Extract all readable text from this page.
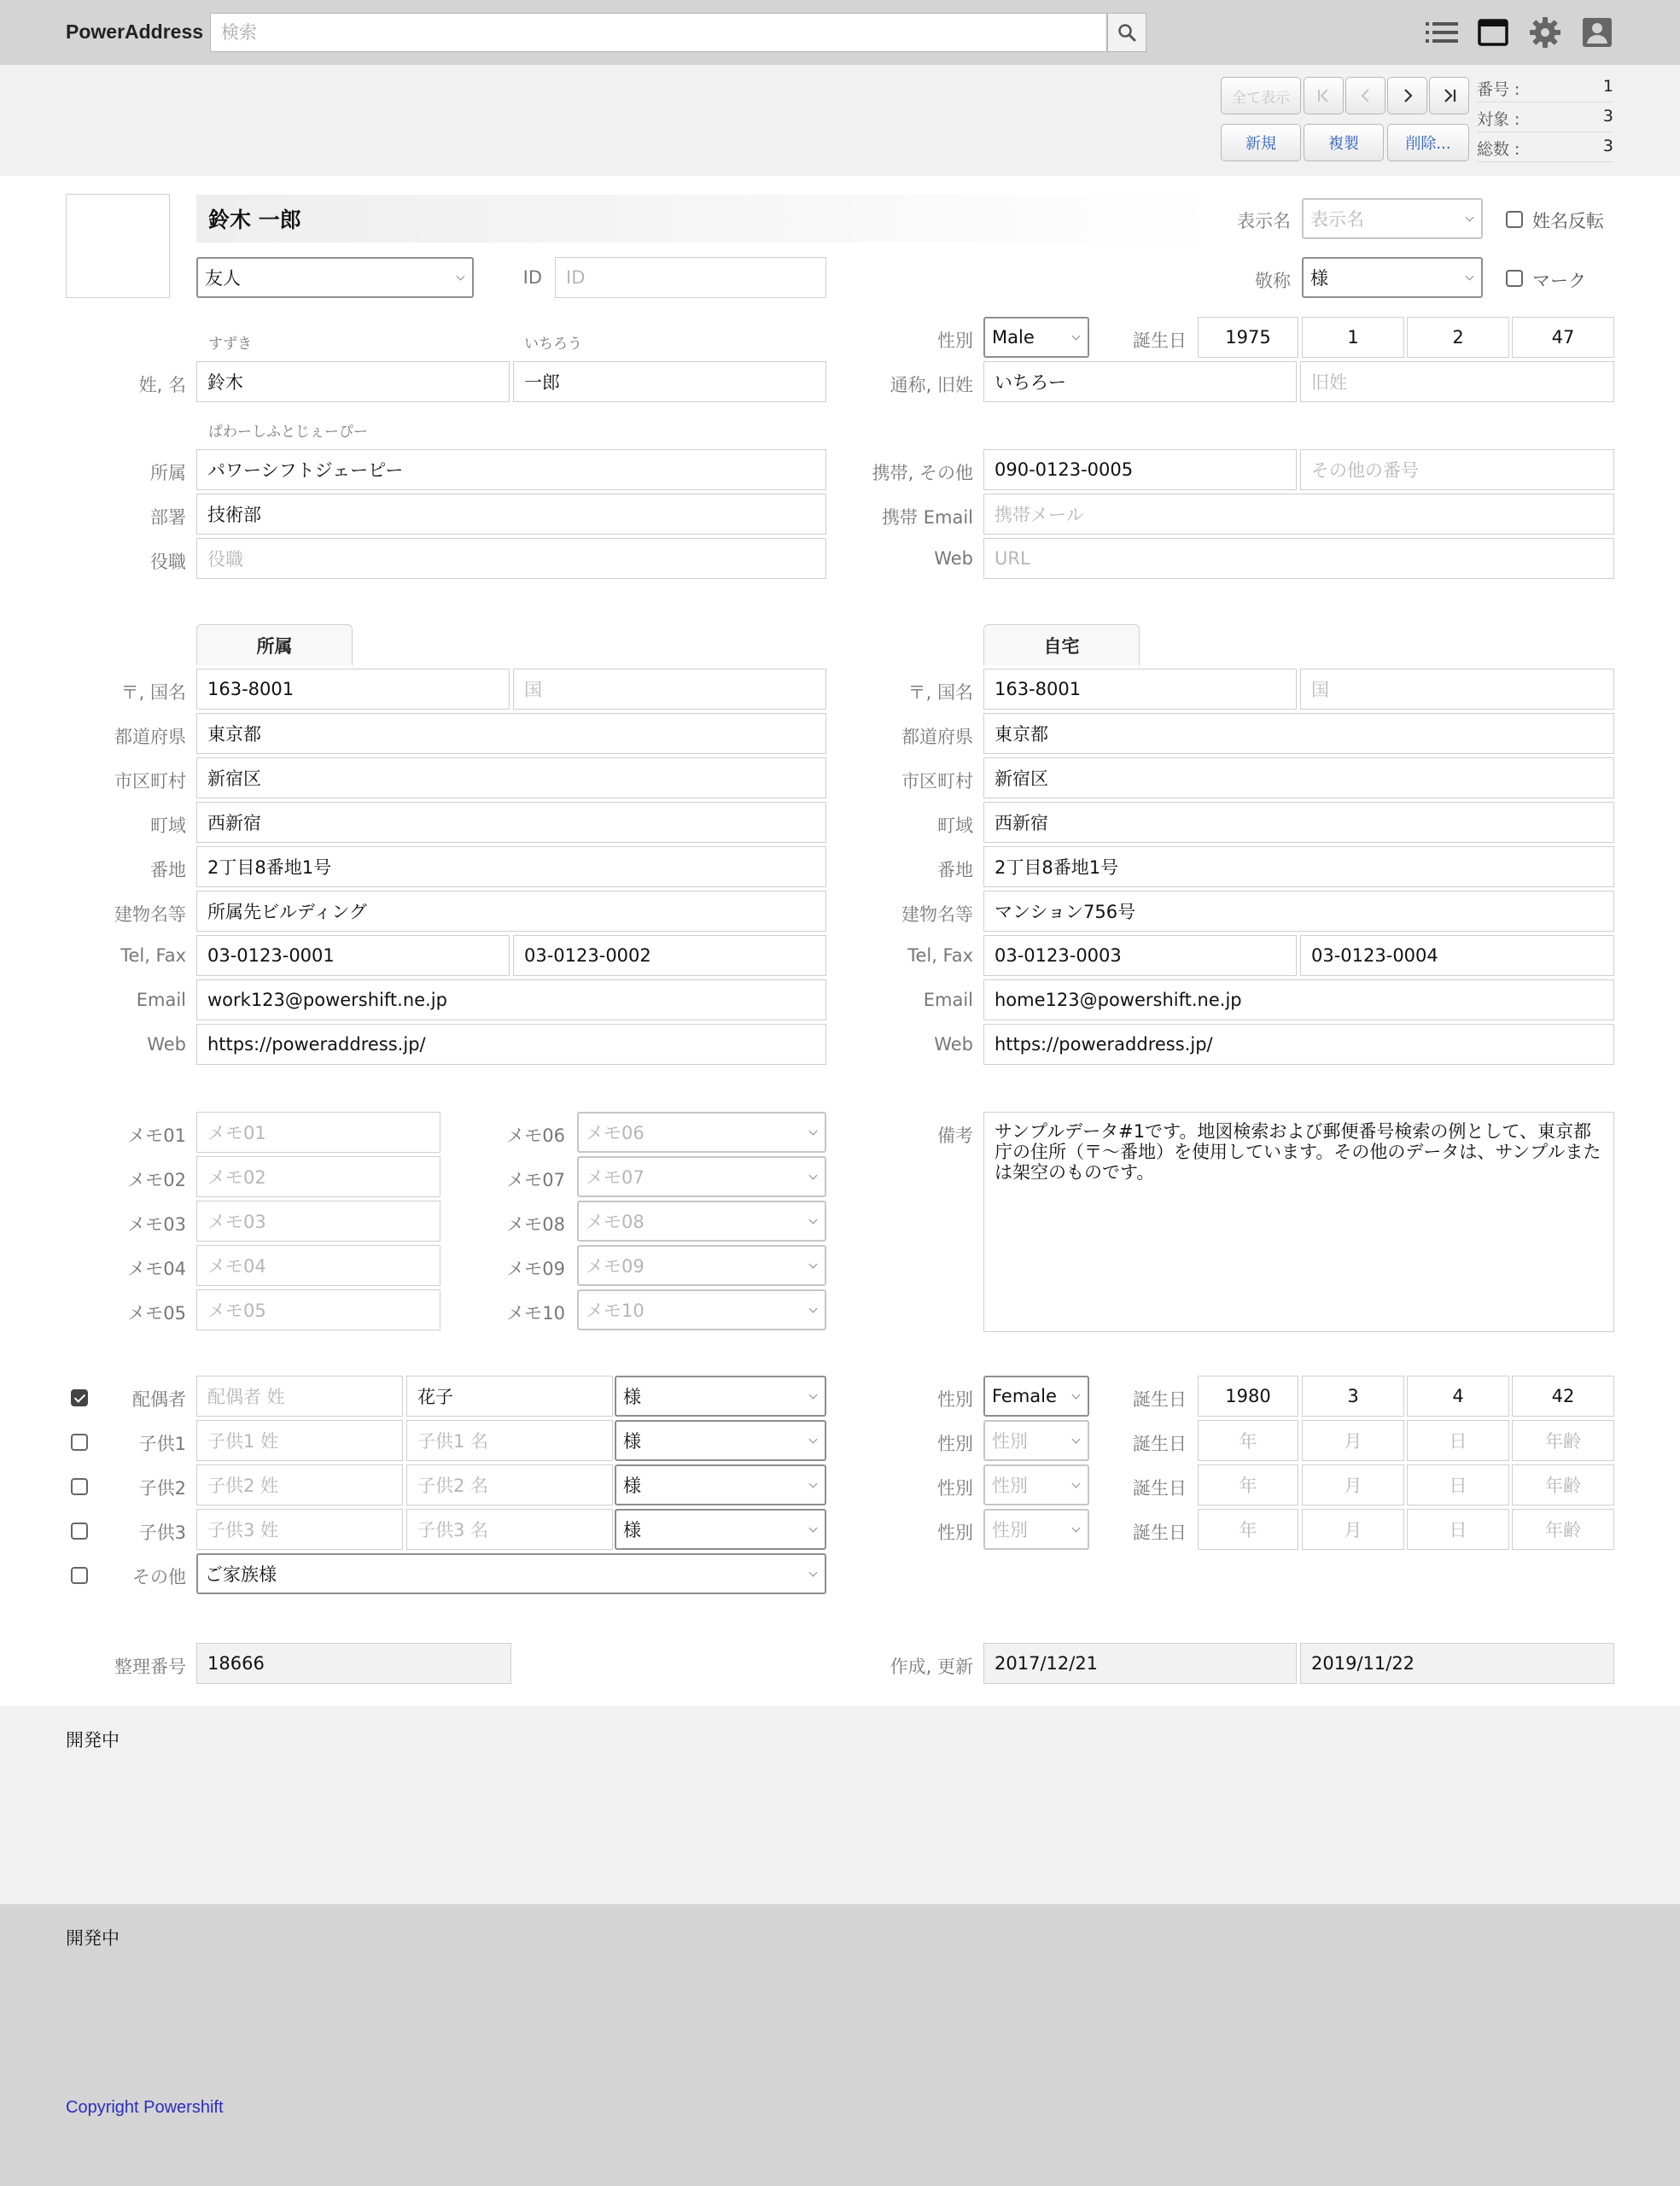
PowerAddress
検索
全て表示
新規	複製	削除...
番号 :	1
対象 :	3
総数 :	3
鈴木 一郎	表示名	表示名	姓名反転
友人	ID	ID	敬称	様	マーク
すずき	いちろう
姓, 名	鈴木	一郎
ぱわーしふとじぇーぴー
所属	パワーシフトジェーピー
部署	技術部
役職	役職
性別	Male	誕生日	1975	1	2	47
通称, 旧姓	いちろー	旧姓
携帯, その他	090-0123-0005	その他の番号
携帯 Email	携帯メール
Web	URL
所属
〒, 国名	163-8001	国
都道府県	東京都
市区町村	新宿区
町域	西新宿
番地	2丁目8番地1号
建物名等	所属先ビルディング
Tel, Fax	03-0123-0001	03-0123-0002
Email	work123@powershift.ne.jp
Web	https://poweraddress.jp/
自宅
〒, 国名	163-8001	国
都道府県	東京都
市区町村	新宿区
町域	西新宿
番地	2丁目8番地1号
建物名等	マンション756号
Tel, Fax	03-0123-0003	03-0123-0004
Email	home123@powershift.ne.jp
Web	https://poweraddress.jp/
メモ01	メモ01
メモ02	メモ02
メモ03	メモ03
メモ04	メモ04
メモ05	メモ05
メモ06	メモ06
メモ07	メモ07
メモ08	メモ08
メモ09	メモ09
メモ10	メモ10
備考	サンプルデータ#1です。地図検索および郵便番号検索の例として、東京都庁の住所（〒〜番地）を使用しています。その他のデータは、サンプルまたは架空のものです。
配偶者	配偶者 姓	花子	様	性別	Female	誕生日	1980	3	4	42
子供1	子供1 姓	子供1 名	様	性別	性別	誕生日	年	月	日	年齢
子供2	子供2 姓	子供2 名	様	性別	性別	誕生日	年	月	日	年齢
子供3	子供3 姓	子供3 名	様	性別	性別	誕生日	年	月	日	年齢
その他	ご家族様
整理番号	18666	作成, 更新	2017/12/21	2019/11/22
開発中
開発中
Copyright Powershift
